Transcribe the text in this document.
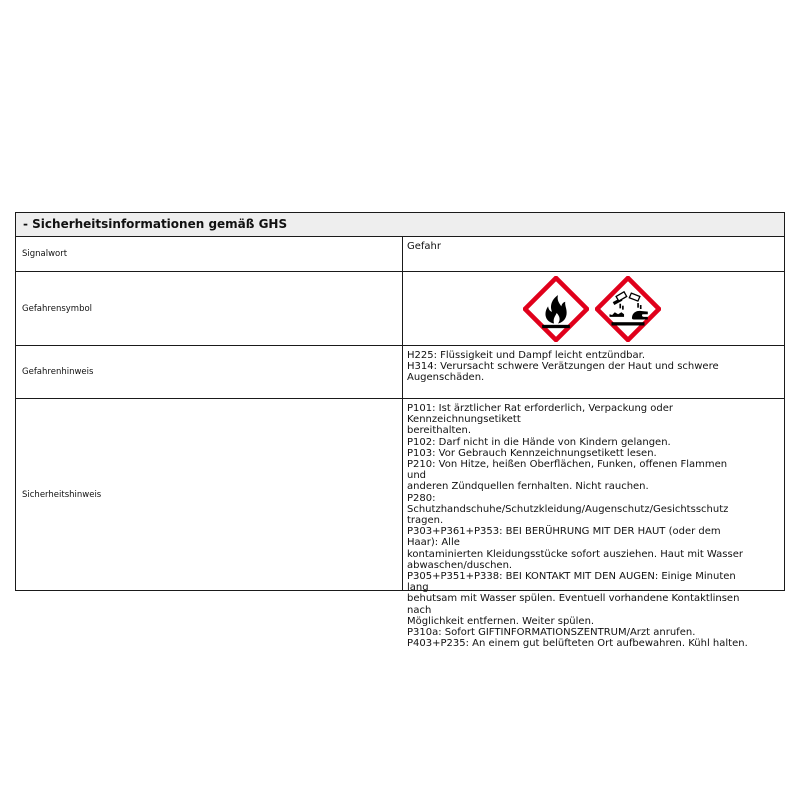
- Sicherheitsinformationen gemäß GHS
Signalwort
Gefahr
Gefahrensymbol
Gefahrenhinweis
H225: Flüssigkeit und Dampf leicht entzündbar.
H314: Verursacht schwere Verätzungen der Haut und schwere
Augenschäden.
Sicherheitshinweis
P101: Ist ärztlicher Rat erforderlich, Verpackung oder Kennzeichnungsetikett
bereithalten.
P102: Darf nicht in die Hände von Kindern gelangen.
P103: Vor Gebrauch Kennzeichnungsetikett lesen.
P210: Von Hitze, heißen Oberflächen, Funken, offenen Flammen und
anderen Zündquellen fernhalten. Nicht rauchen.
P280: Schutzhandschuhe/Schutzkleidung/Augenschutz/Gesichtsschutz
tragen.
P303+P361+P353: BEI BERÜHRUNG MIT DER HAUT (oder dem Haar): Alle
kontaminierten Kleidungsstücke sofort ausziehen. Haut mit Wasser
abwaschen/duschen.
P305+P351+P338: BEI KONTAKT MIT DEN AUGEN: Einige Minuten lang
behutsam mit Wasser spülen. Eventuell vorhandene Kontaktlinsen nach
Möglichkeit entfernen. Weiter spülen.
P310a: Sofort GIFTINFORMATIONSZENTRUM/Arzt anrufen.
P403+P235: An einem gut belüfteten Ort aufbewahren. Kühl halten.
